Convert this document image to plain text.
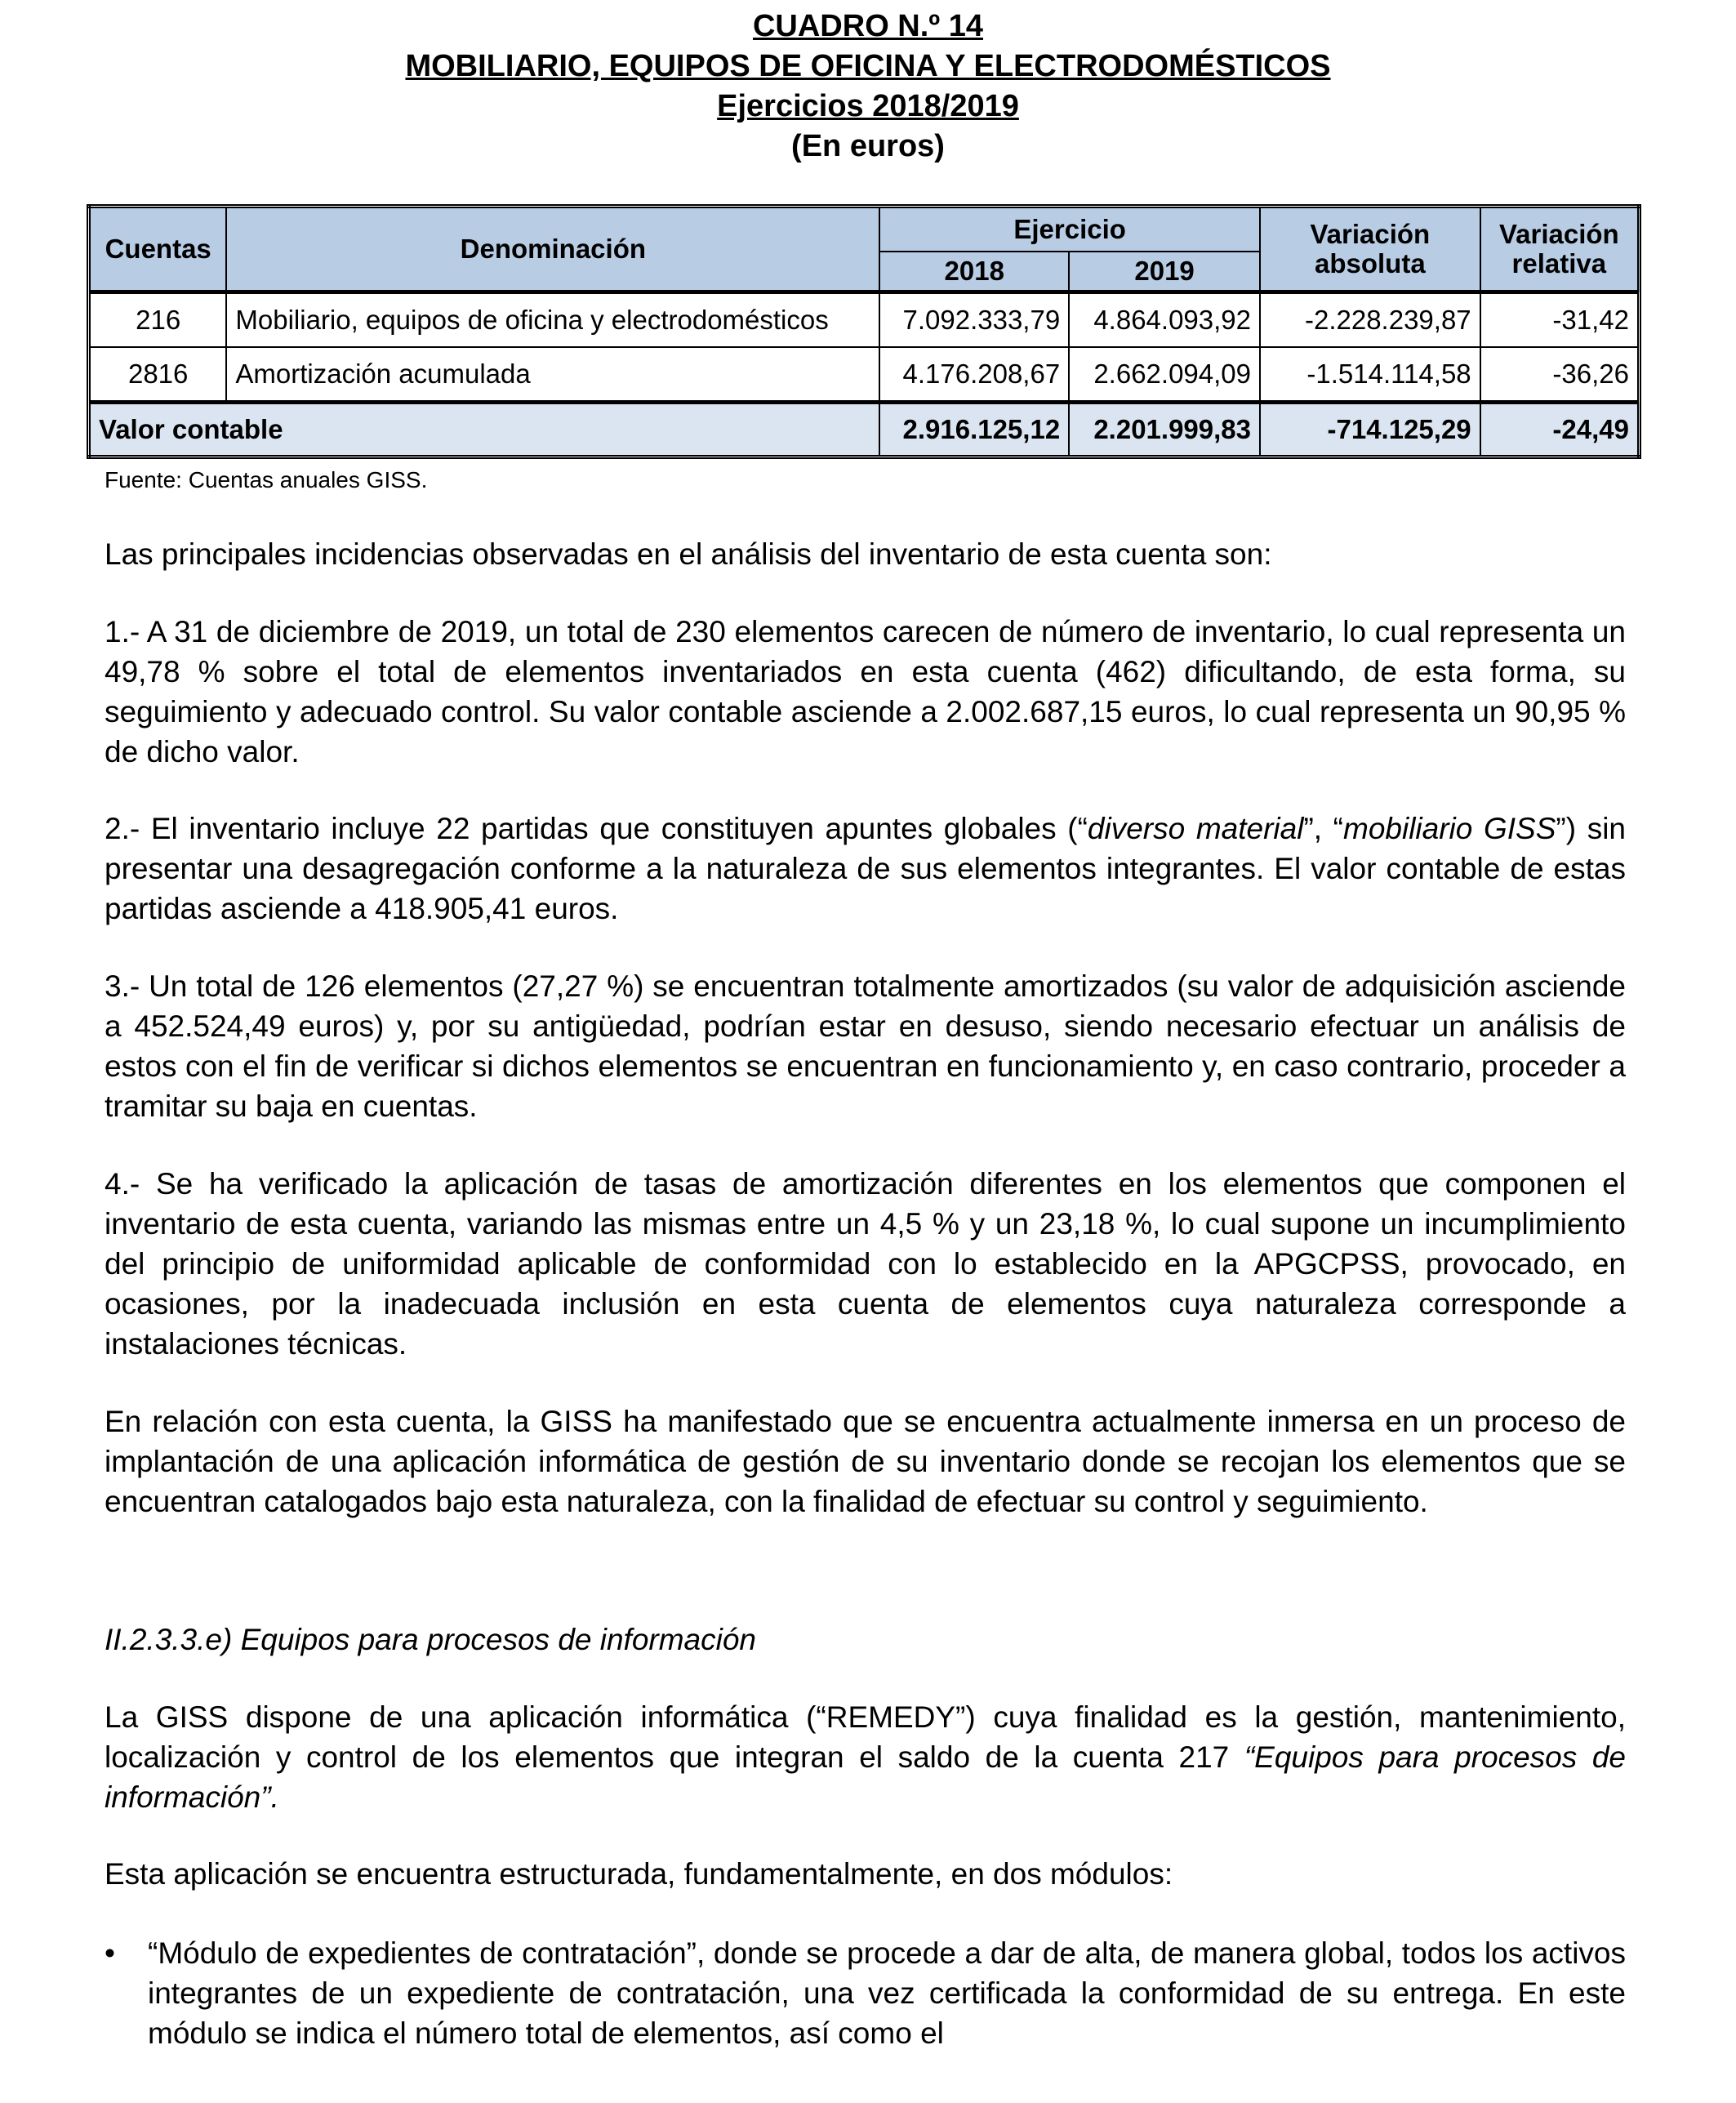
CUADRO N.º 14
MOBILIARIO, EQUIPOS DE OFICINA Y ELECTRODOMÉSTICOS
Ejercicios 2018/2019
(En euros)
Cuentas	Denominación	Ejercicio		Variación absoluta	Variación relativa
		2018	2019		
216	Mobiliario, equipos de oficina y electrodomésticos	7.092.333,79	4.864.093,92	-2.228.239,87	-31,42
2816	Amortización acumulada	4.176.208,67	2.662.094,09	-1.514.114,58	-36,26
Valor contable		2.916.125,12	2.201.999,83	-714.125,29	-24,49
Fuente: Cuentas anuales GISS.
Las principales incidencias observadas en el análisis del inventario de esta cuenta son:
1.- A 31 de diciembre de 2019, un total de 230 elementos carecen de número de inventario, lo cual representa un 49,78 % sobre el total de elementos inventariados en esta cuenta (462) dificultando, de esta forma, su seguimiento y adecuado control. Su valor contable asciende a 2.002.687,15 euros, lo cual representa un 90,95 % de dicho valor.
2.- El inventario incluye 22 partidas que constituyen apuntes globales (“diverso material”, “mobiliario GISS”) sin presentar una desagregación conforme a la naturaleza de sus elementos integrantes. El valor contable de estas partidas asciende a 418.905,41 euros.
3.- Un total de 126 elementos (27,27 %) se encuentran totalmente amortizados (su valor de adquisición asciende a 452.524,49 euros) y, por su antigüedad, podrían estar en desuso, siendo necesario efectuar un análisis de estos con el fin de verificar si dichos elementos se encuentran en funcionamiento y, en caso contrario, proceder a tramitar su baja en cuentas.
4.- Se ha verificado la aplicación de tasas de amortización diferentes en los elementos que componen el inventario de esta cuenta, variando las mismas entre un 4,5 % y un 23,18 %, lo cual supone un incumplimiento del principio de uniformidad aplicable de conformidad con lo establecido en la APGCPSS, provocado, en ocasiones, por la inadecuada inclusión en esta cuenta de elementos cuya naturaleza corresponde a instalaciones técnicas.
En relación con esta cuenta, la GISS ha manifestado que se encuentra actualmente inmersa en un proceso de implantación de una aplicación informática de gestión de su inventario donde se recojan los elementos que se encuentran catalogados bajo esta naturaleza, con la finalidad de efectuar su control y seguimiento.
II.2.3.3.e) Equipos para procesos de información
La GISS dispone de una aplicación informática (“REMEDY”) cuya finalidad es la gestión, mantenimiento, localización y control de los elementos que integran el saldo de la cuenta 217 “Equipos para procesos de información”.
Esta aplicación se encuentra estructurada, fundamentalmente, en dos módulos:
• “Módulo de expedientes de contratación”, donde se procede a dar de alta, de manera global, todos los activos integrantes de un expediente de contratación, una vez certificada la conformidad de su entrega. En este módulo se indica el número total de elementos, así como el
